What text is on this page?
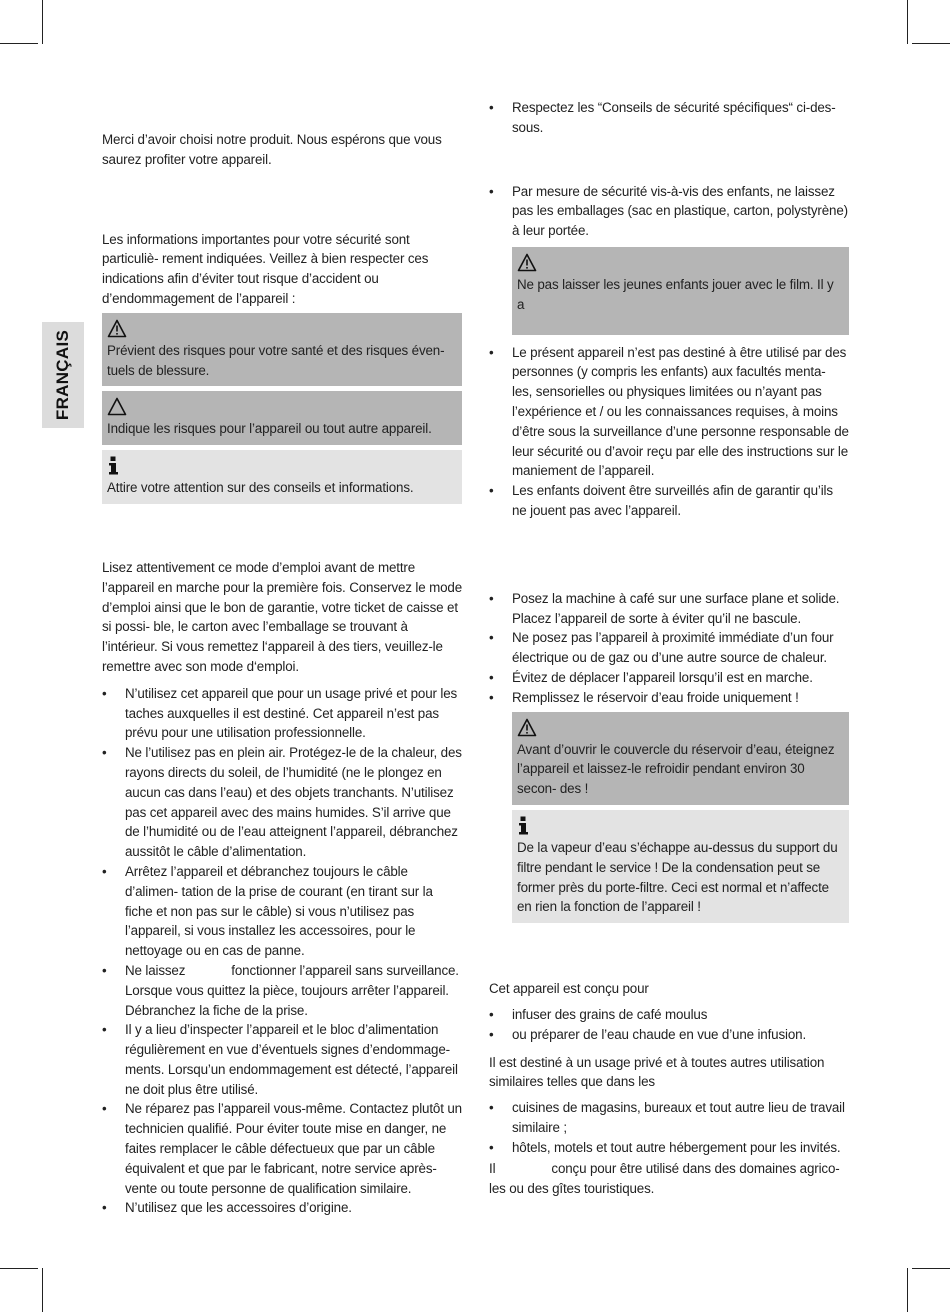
FRANÇAIS

Merci d’avoir choisi notre produit. Nous espérons que vous saurez profiter votre appareil.

Les informations importantes pour votre sécurité sont particuliè- rement indiquées. Veillez à bien respecter ces indications afin d’éviter tout risque d’accident ou d’endommagement de l’appareil :

Prévient des risques pour votre santé et des risques éven- tuels de blessure.

Indique les risques pour l’appareil ou tout autre appareil.

Attire votre attention sur des conseils et informations.

Lisez attentivement ce mode d’emploi avant de mettre l’appareil en marche pour la première fois. Conservez le mode d’emploi ainsi que le bon de garantie, votre ticket de caisse et si possi- ble, le carton avec l’emballage se trouvant à l’intérieur. Si vous remettez l‘appareil à des tiers, veuillez-le remettre avec son mode d‘emploi.

• N’utilisez cet appareil que pour un usage privé et pour les taches auxquelles il est destiné. Cet appareil n’est pas prévu pour une utilisation professionnelle.
• Ne l’utilisez pas en plein air. Protégez-le de la chaleur, des rayons directs du soleil, de l’humidité (ne le plongez en aucun cas dans l’eau) et des objets tranchants. N’utilisez pas cet appareil avec des mains humides. S’il arrive que de l’humidité ou de l’eau atteignent l’appareil, débranchez aussitôt le câble d’alimentation.
• Arrêtez l’appareil et débranchez toujours le câble d’alimen- tation de la prise de courant (en tirant sur la fiche et non pas sur le câble) si vous n’utilisez pas l’appareil, si vous installez les accessoires, pour le nettoyage ou en cas de panne.
• Ne laissez	fonctionner l’appareil sans surveillance. Lorsque vous quittez la pièce, toujours arrêter l’appareil. Débranchez la fiche de la prise.
• Il y a lieu d’inspecter l’appareil et le bloc d’alimentation régulièrement en vue d’éventuels signes d’endommage- ments. Lorsqu’un endommagement est détecté, l’appareil ne doit plus être utilisé.
• Ne réparez pas l’appareil vous-même. Contactez plutôt un technicien qualifié. Pour éviter toute mise en danger, ne faites remplacer le câble défectueux que par un câble équivalent et que par le fabricant, notre service après-vente ou toute personne de qualification similaire.
• N’utilisez que les accessoires d’origine.
• Respectez les “Conseils de sécurité spécifiques“ ci-des- sous.
• Par mesure de sécurité vis-à-vis des enfants, ne laissez pas les emballages (sac en plastique, carton, polystyrène) à leur portée.

Ne pas laisser les jeunes enfants jouer avec le film. Il y a

• Le présent appareil n’est pas destiné à être utilisé par des personnes (y compris les enfants) aux facultés menta- les, sensorielles ou physiques limitées ou n’ayant pas l’expérience et / ou les connaissances requises, à moins d’être sous la surveillance d’une personne responsable de leur sécurité ou d’avoir reçu par elle des instructions sur le maniement de l’appareil.
• Les enfants doivent être surveillés afin de garantir qu’ils ne jouent pas avec l’appareil.
• Posez la machine à café sur une surface plane et solide. Placez l’appareil de sorte à éviter qu’il ne bascule.
• Ne posez pas l’appareil à proximité immédiate d’un four électrique ou de gaz ou d’une autre source de chaleur.
• Évitez de déplacer l’appareil lorsqu’il est en marche.
• Remplissez le réservoir d’eau froide uniquement !

Avant d’ouvrir le couvercle du réservoir d’eau, éteignez l’appareil et laissez-le refroidir pendant environ 30 secon- des !

De la vapeur d’eau s’échappe au-dessus du support du filtre pendant le service ! De la condensation peut se former près du porte-filtre. Ceci est normal et n’affecte en rien la fonction de l’appareil !

Cet appareil est conçu pour

• infuser des grains de café moulus
• ou préparer de l’eau chaude en vue d’une infusion.

Il est destiné à un usage privé et à toutes autres utilisation similaires telles que dans les

• cuisines de magasins, bureaux et tout autre lieu de travail similaire ;
• hôtels, motels et tout autre hébergement pour les invités.

Il	conçu pour être utilisé dans des domaines agrico- les ou des gîtes touristiques.
